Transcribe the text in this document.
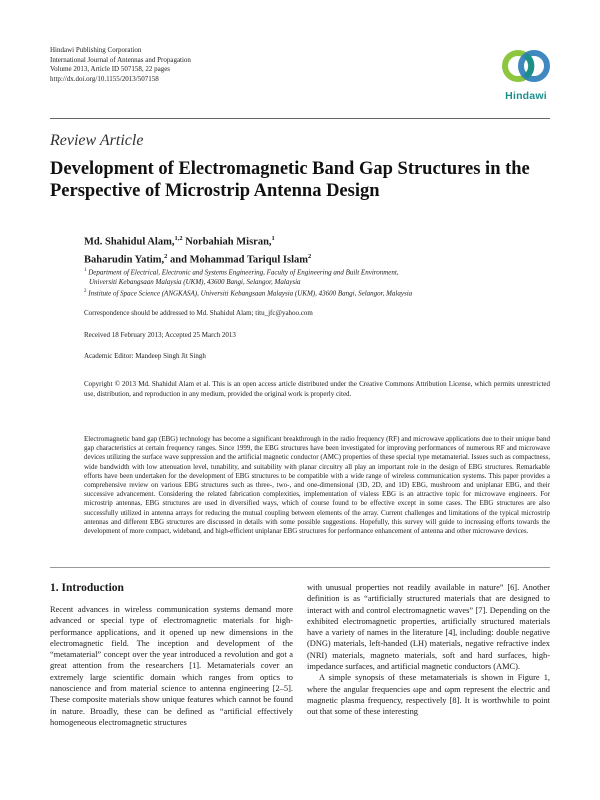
Hindawi Publishing Corporation
International Journal of Antennas and Propagation
Volume 2013, Article ID 507158, 22 pages
http://dx.doi.org/10.1155/2013/507158
Hindawi
Review Article
Development of Electromagnetic Band Gap Structures in the Perspective of Microstrip Antenna Design
Md. Shahidul Alam,$^{1,2}$ Norbahiah Misran,$^1$
Baharudin Yatim,$^2$ and Mohammad Tariqul Islam$^2$
$^1$ Department of Electrical, Electronic and Systems Engineering, Faculty of Engineering and Built Environment,
Universiti Kebangsaan Malaysia (UKM), 43600 Bangi, Selangor, Malaysia
$^2$ Institute of Space Science (ANGKASA), Universiti Kebangsaan Malaysia (UKM), 43600 Bangi, Selangor, Malaysia
Correspondence should be addressed to Md. Shahidul Alam; titu_jfc@yahoo.com
Received 18 February 2013; Accepted 25 March 2013
Academic Editor: Mandeep Singh Jit Singh
Copyright © 2013 Md. Shahidul Alam et al. This is an open access article distributed under the Creative Commons Attribution License, which permits unrestricted use, distribution, and reproduction in any medium, provided the original work is properly cited.
Electromagnetic band gap (EBG) technology has become a significant breakthrough in the radio frequency (RF) and microwave applications due to their unique band gap characteristics at certain frequency ranges. Since 1999, the EBG structures have been investigated for improving performances of numerous RF and microwave devices utilizing the surface wave suppression and the artificial magnetic conductor (AMC) properties of these special type metamaterial. Issues such as compactness, wide bandwidth with low attenuation level, tunability, and suitability with planar circuitry all play an important role in the design of EBG structures. Remarkable efforts have been undertaken for the development of EBG structures to be compatible with a wide range of wireless communication systems. This paper provides a comprehensive review on various EBG structures such as three-, two-, and one-dimensional (3D, 2D, and 1D) EBG, mushroom and uniplanar EBG, and their successive advancement. Considering the related fabrication complexities, implementation of vialess EBG is an attractive topic for microwave engineers. For microstrip antennas, EBG structures are used in diversified ways, which of course found to be effective except in some cases. The EBG structures are also successfully utilized in antenna arrays for reducing the mutual coupling between elements of the array. Current challenges and limitations of the typical microstrip antennas and different EBG structures are discussed in details with some possible suggestions. Hopefully, this survey will guide to increasing efforts towards the development of more compact, wideband, and high-efficient uniplanar EBG structures for performance enhancement of antenna and other microwave devices.
1. Introduction

Recent advances in wireless communication systems demand more advanced or special type of electromagnetic materials for high-performance applications, and it opened up new dimensions in the electromagnetic field. The inception and development of the “metamaterial” concept over the year introduced a revolution and got a great attention from the researchers [1]. Metamaterials cover an extremely large scientific domain which ranges from optics to nanoscience and from material science to antenna engineering [2–5]. These composite materials show unique features which cannot be found in nature. Broadly, these can be defined as “artificial effectively homogeneous electromagnetic structures

with unusual properties not readily available in nature” [6]. Another definition is as “artificially structured materials that are designed to interact with and control electromagnetic waves” [7]. Depending on the exhibited electromagnetic properties, artificially structured materials have a variety of names in the literature [4], including: double negative (DNG) materials, left-handed (LH) materials, negative refractive index (NRI) materials, magneto materials, soft and hard surfaces, high-impedance surfaces, and artificial magnetic conductors (AMC).

A simple synopsis of these metamaterials is shown in Figure 1, where the angular frequencies ωpe and ωpm represent the electric and magnetic plasma frequency, respectively [8]. It is worthwhile to point out that some of these interesting
